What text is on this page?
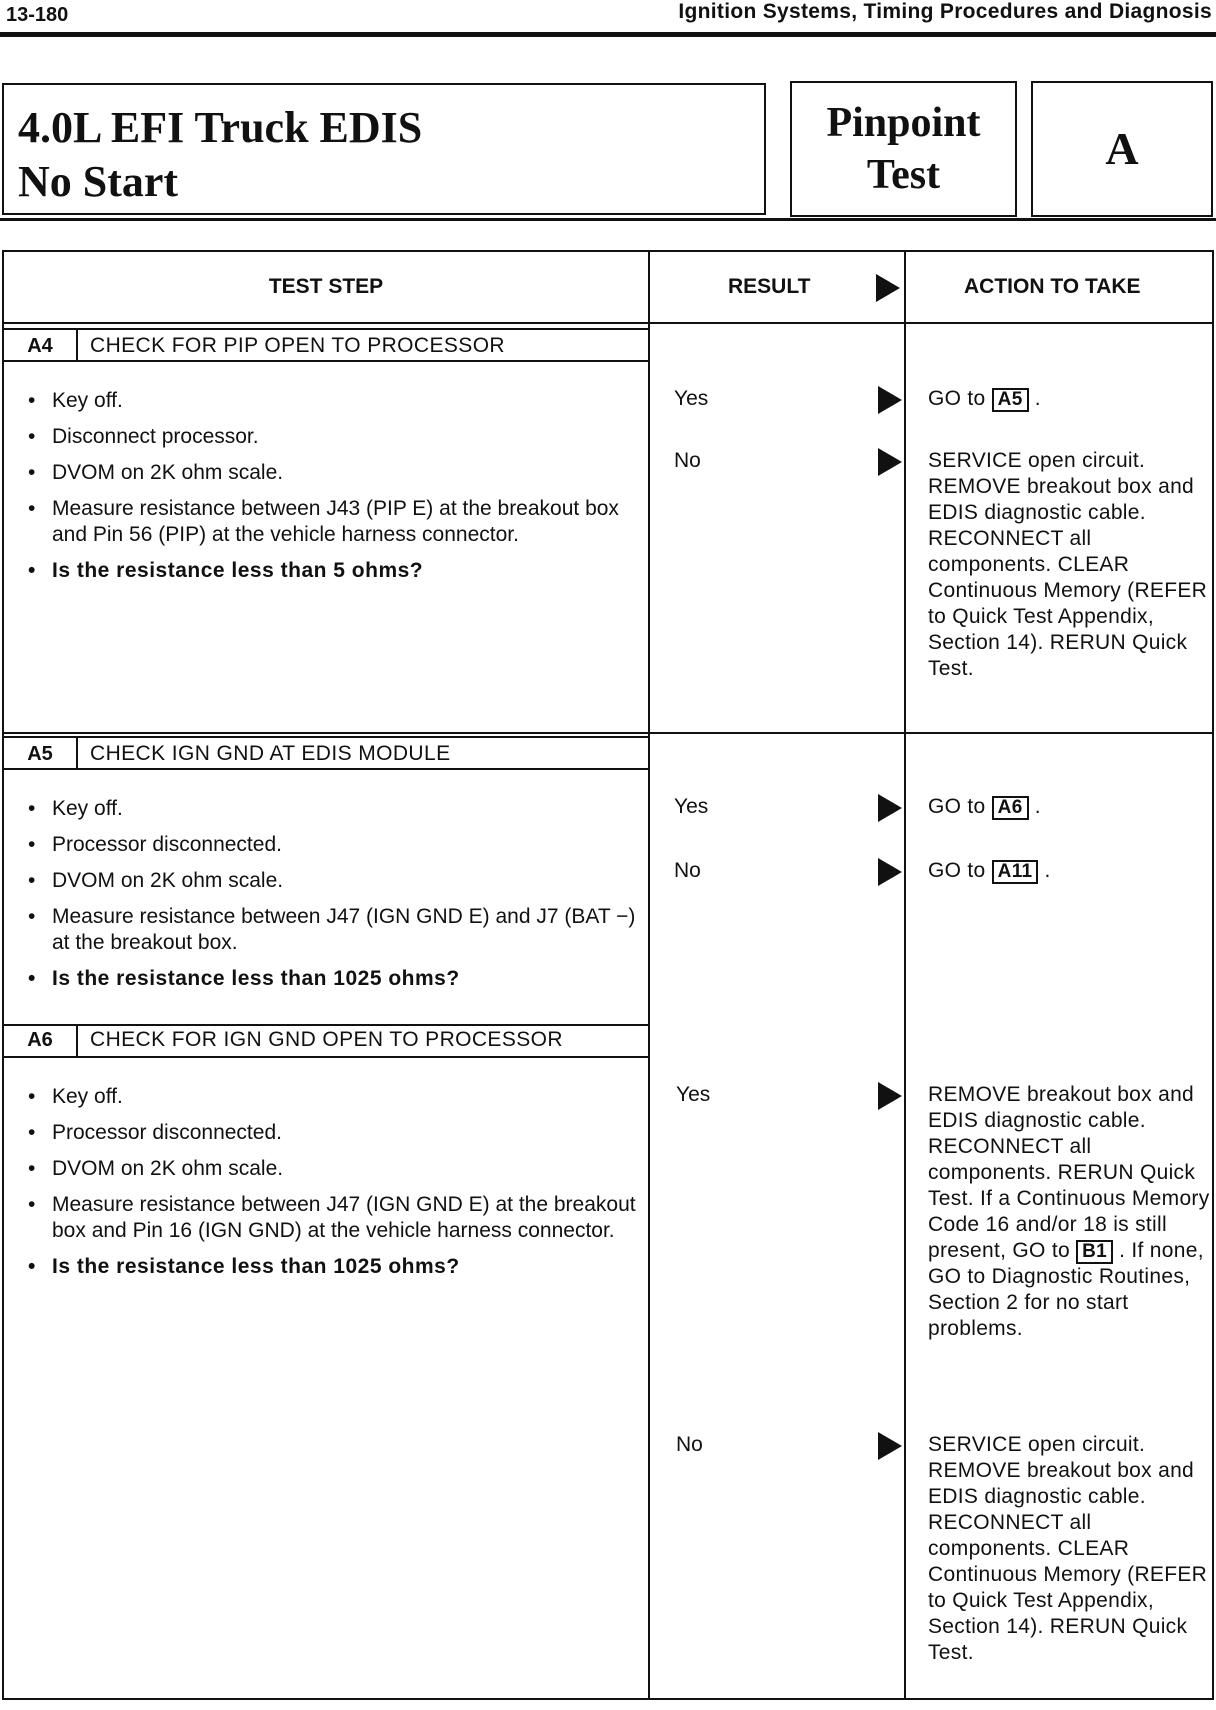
13-180	Ignition Systems, Timing Procedures and Diagnosis
4.0L EFI Truck EDIS
No Start
Pinpoint
Test
A
TEST STEP	RESULT	ACTION TO TAKE
A4	CHECK FOR PIP OPEN TO PROCESSOR
• Key off.
• Disconnect processor.
• DVOM on 2K ohm scale.
• Measure resistance between J43 (PIP E) at the breakout box and Pin 56 (PIP) at the vehicle harness connector.
• Is the resistance less than 5 ohms?
Yes	GO to A5 .
No	SERVICE open circuit. REMOVE breakout box and EDIS diagnostic cable. RECONNECT all components. CLEAR Continuous Memory (REFER to Quick Test Appendix, Section 14). RERUN Quick Test.
A5	CHECK IGN GND AT EDIS MODULE
• Key off.
• Processor disconnected.
• DVOM on 2K ohm scale.
• Measure resistance between J47 (IGN GND E) and J7 (BAT −) at the breakout box.
• Is the resistance less than 1025 ohms?
Yes	GO to A6 .
No	GO to A11 .
A6	CHECK FOR IGN GND OPEN TO PROCESSOR
• Key off.
• Processor disconnected.
• DVOM on 2K ohm scale.
• Measure resistance between J47 (IGN GND E) at the breakout box and Pin 16 (IGN GND) at the vehicle harness connector.
• Is the resistance less than 1025 ohms?
Yes	REMOVE breakout box and EDIS diagnostic cable. RECONNECT all components. RERUN Quick Test. If a Continuous Memory Code 16 and/or 18 is still present, GO to B1 . If none, GO to Diagnostic Routines, Section 2 for no start problems.
No	SERVICE open circuit. REMOVE breakout box and EDIS diagnostic cable. RECONNECT all components. CLEAR Continuous Memory (REFER to Quick Test Appendix, Section 14). RERUN Quick Test.
